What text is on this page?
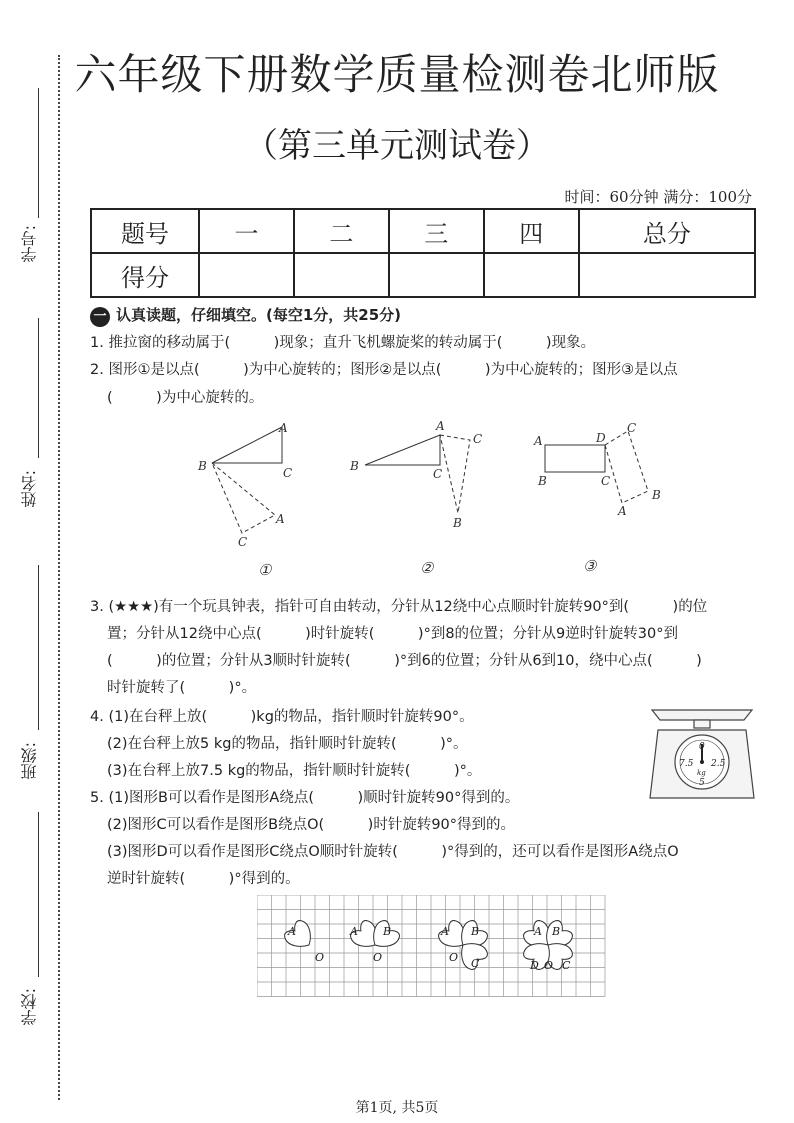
学号:
姓名:
班级:
学校:
六年级下册数学质量检测卷北师版
（第三单元测试卷）
时间：60分钟 满分：100分
题号	一	二	三	四	总分
得分					
一 认真读题，仔细填空。(每空1分，共25分)
1. 推拉窗的移动属于(　　　)现象；直升飞机螺旋桨的转动属于(　　　)现象。
2. 图形①是以点(　　　)为中心旋转的；图形②是以点(　　　)为中心旋转的；图形③是以点
(　　　)为中心旋转的。
B
A
C
A
C
B
A
C
C
B
A	D
C
B	C
B
A
①	②	③
3. (★★★)有一个玩具钟表，指针可自由转动，分针从12绕中心点顺时针旋转90°到(　　　)的位
置；分针从12绕中心点(　　　)时针旋转(　　　)°到8的位置；分针从9逆时针旋转30°到
(　　　)的位置；分针从3顺时针旋转(　　　)°到6的位置；分针从6到10，绕中心点(　　　)
时针旋转了(　　　)°。
4. (1)在台秤上放(　　　)kg的物品，指针顺时针旋转90°。
(2)在台秤上放5 kg的物品，指针顺时针旋转(　　　)°。
(3)在台秤上放7.5 kg的物品，指针顺时针旋转(　　　)°。
0
7.5 2.5
5
kg
5. (1)图形B可以看作是图形A绕点(　　　)顺时针旋转90°得到的。
(2)图形C可以看作是图形B绕点O(　　　)时针旋转90°得到的。
(3)图形D可以看作是图形C绕点O顺时针旋转(　　　)°得到的，还可以看作是图形A绕点O
逆时针旋转(　　　)°得到的。
A
O
A B
O
A B
C
O
A B
C
D O
第1页, 共5页
